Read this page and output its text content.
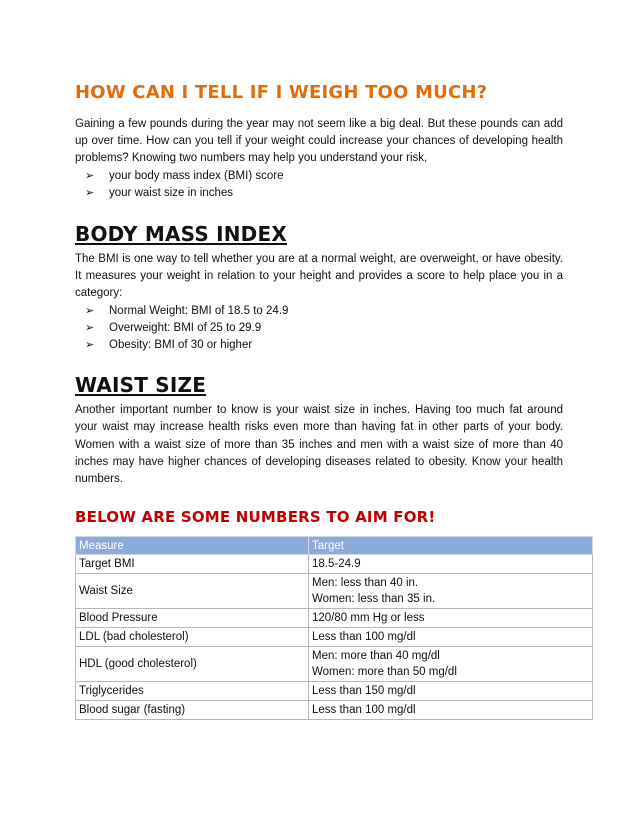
HOW CAN I TELL IF I WEIGH TOO MUCH?

Gaining a few pounds during the year may not seem like a big deal. But these pounds can add up over time. How can you tell if your weight could increase your chances of developing health problems? Knowing two numbers may help you understand your risk,

➢	your body mass index (BMI) score
➢	your waist size in inches
BODY MASS INDEX

The BMI is one way to tell whether you are at a normal weight, are overweight, or have obesity. It measures your weight in relation to your height and provides a score to help place you in a category:

➢	Normal Weight: BMI of 18.5 to 24.9
➢	Overweight: BMI of 25 to 29.9
➢	Obesity: BMI of 30 or higher
WAIST SIZE

Another important number to know is your waist size in inches. Having too much fat around your waist may increase health risks even more than having fat in other parts of your body. Women with a waist size of more than 35 inches and men with a waist size of more than 40 inches may have higher chances of developing diseases related to obesity. Know your health numbers.

BELOW ARE SOME NUMBERS TO AIM FOR!
Measure	Target
Target BMI	18.5-24.9

Waist Size	Men: less than 40 in.
Women: less than 35 in.

Blood Pressure	120/80 mm Hg or less

LDL (bad cholesterol)	Less than 100 mg/dl

HDL (good cholesterol)	Men: more than 40 mg/dl
Women: more than 50 mg/dl

Triglycerides	Less than 150 mg/dl

Blood sugar (fasting)	Less than 100 mg/dl
